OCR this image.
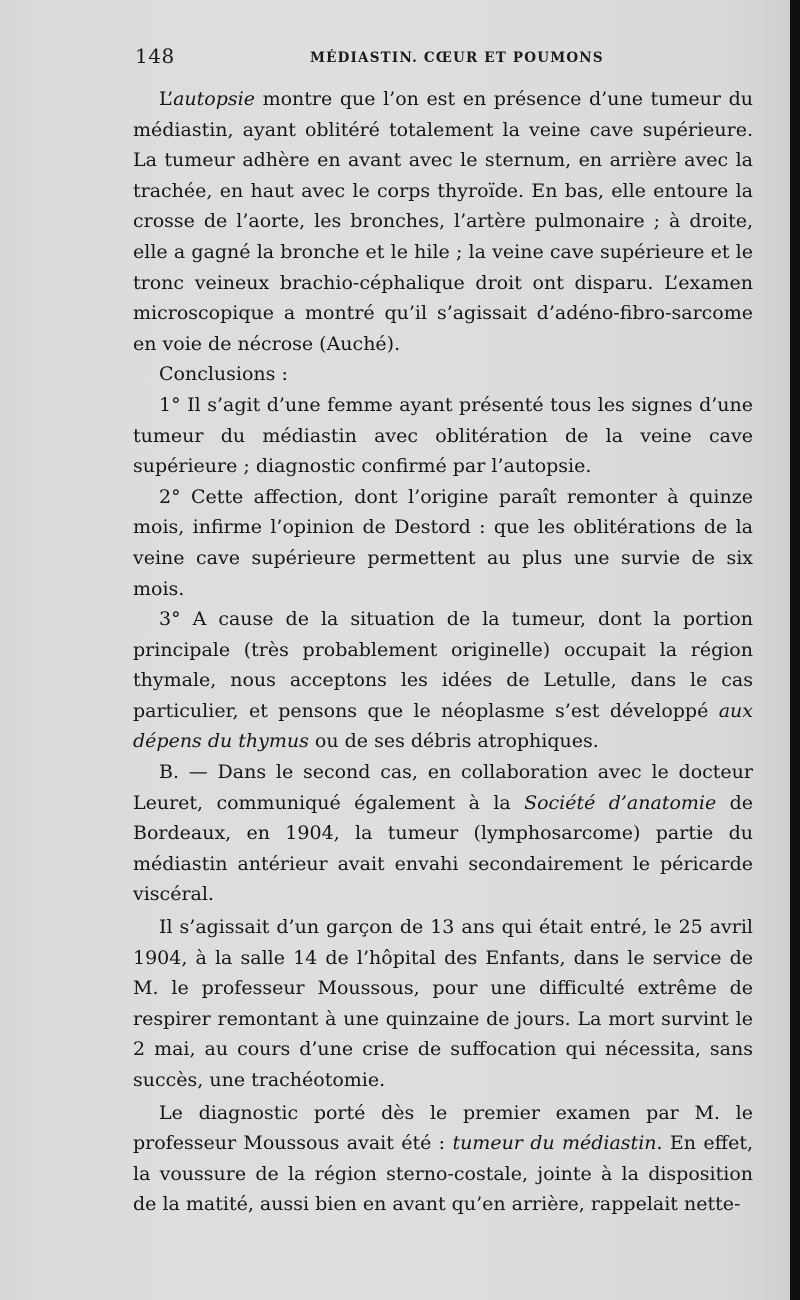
148	MÉDIASTIN. CŒUR ET POUMONS

L’autopsie montre que l’on est en présence d’une tumeur du médiastin, ayant oblitéré totalement la veine cave supérieure. La tumeur adhère en avant avec le sternum, en arrière avec la trachée, en haut avec le corps thyroïde. En bas, elle entoure la crosse de l’aorte, les bronches, l’artère pulmonaire ; à droite, elle a gagné la bronche et le hile ; la veine cave supérieure et le tronc veineux brachio-céphalique droit ont disparu. L’examen microscopique a montré qu’il s’agissait d’adéno-fibro-sarcome en voie de nécrose (Auché).

Conclusions :

1° Il s’agit d’une femme ayant présenté tous les signes d’une tumeur du médiastin avec oblitération de la veine cave supérieure ; diagnostic confirmé par l’autopsie.

2° Cette affection, dont l’origine paraît remonter à quinze mois, infirme l’opinion de Destord : que les oblitérations de la veine cave supérieure permettent au plus une survie de six mois.

3° A cause de la situation de la tumeur, dont la portion principale (très probablement originelle) occupait la région thymale, nous acceptons les idées de Letulle, dans le cas particulier, et pensons que le néoplasme s’est développé aux dépens du thymus ou de ses débris atrophiques.

B. — Dans le second cas, en collaboration avec le docteur Leuret, communiqué également à la Société d’anatomie de Bordeaux, en 1904, la tumeur (lymphosarcome) partie du médiastin antérieur avait envahi secondairement le péricarde viscéral.

Il s’agissait d’un garçon de 13 ans qui était entré, le 25 avril 1904, à la salle 14 de l’hôpital des Enfants, dans le service de M. le professeur Moussous, pour une difficulté extrême de respirer remontant à une quinzaine de jours. La mort survint le 2 mai, au cours d’une crise de suffocation qui nécessita, sans succès, une trachéotomie.

Le diagnostic porté dès le premier examen par M. le professeur Moussous avait été : tumeur du médiastin. En effet, la voussure de la région sterno-costale, jointe à la disposition de la matité, aussi bien en avant qu’en arrière, rappelait nette-
